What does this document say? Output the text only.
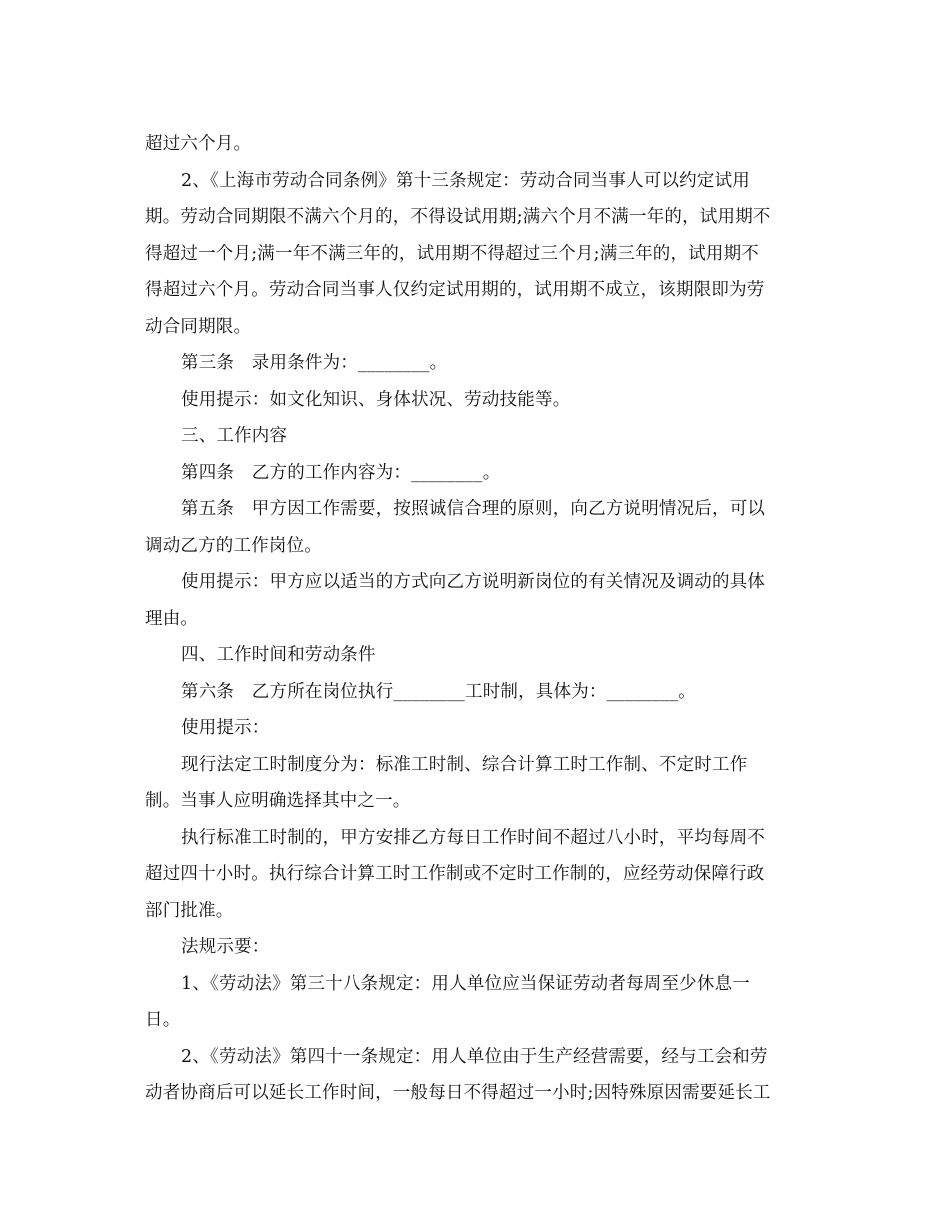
超过六个月。
2、《上海市劳动合同条例》第十三条规定：劳动合同当事人可以约定试用
期。劳动合同期限不满六个月的，不得设试用期;满六个月不满一年的，试用期不
得超过一个月;满一年不满三年的，试用期不得超过三个月;满三年的，试用期不
得超过六个月。劳动合同当事人仅约定试用期的，试用期不成立，该期限即为劳
动合同期限。
第三条　录用条件为：________。
使用提示：如文化知识、身体状况、劳动技能等。
三、工作内容
第四条　乙方的工作内容为：________。
第五条　甲方因工作需要，按照诚信合理的原则，向乙方说明情况后，可以
调动乙方的工作岗位。
使用提示：甲方应以适当的方式向乙方说明新岗位的有关情况及调动的具体
理由。
四、工作时间和劳动条件
第六条　乙方所在岗位执行________工时制，具体为：________。
使用提示：
现行法定工时制度分为：标准工时制、综合计算工时工作制、不定时工作
制。当事人应明确选择其中之一。
执行标准工时制的，甲方安排乙方每日工作时间不超过八小时，平均每周不
超过四十小时。执行综合计算工时工作制或不定时工作制的，应经劳动保障行政
部门批准。
法规示要：
1、《劳动法》第三十八条规定：用人单位应当保证劳动者每周至少休息一
日。
2、《劳动法》第四十一条规定：用人单位由于生产经营需要，经与工会和劳
动者协商后可以延长工作时间，一般每日不得超过一小时;因特殊原因需要延长工
